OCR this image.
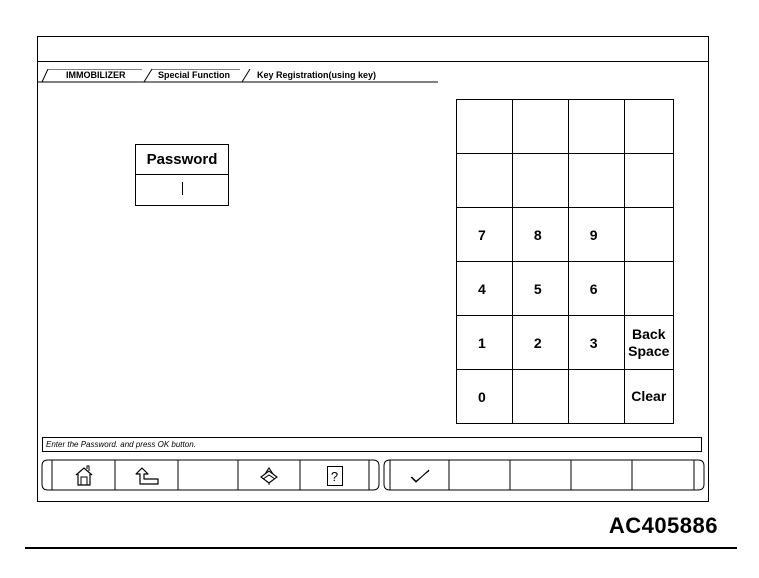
IMMOBILIZER	Special Function	Key Registration(using key)
Password

7	8	9	
4	5	6	
1	2	3	Back
Space
0			Clear
Enter the Password. and press OK button.
?
AC405886
